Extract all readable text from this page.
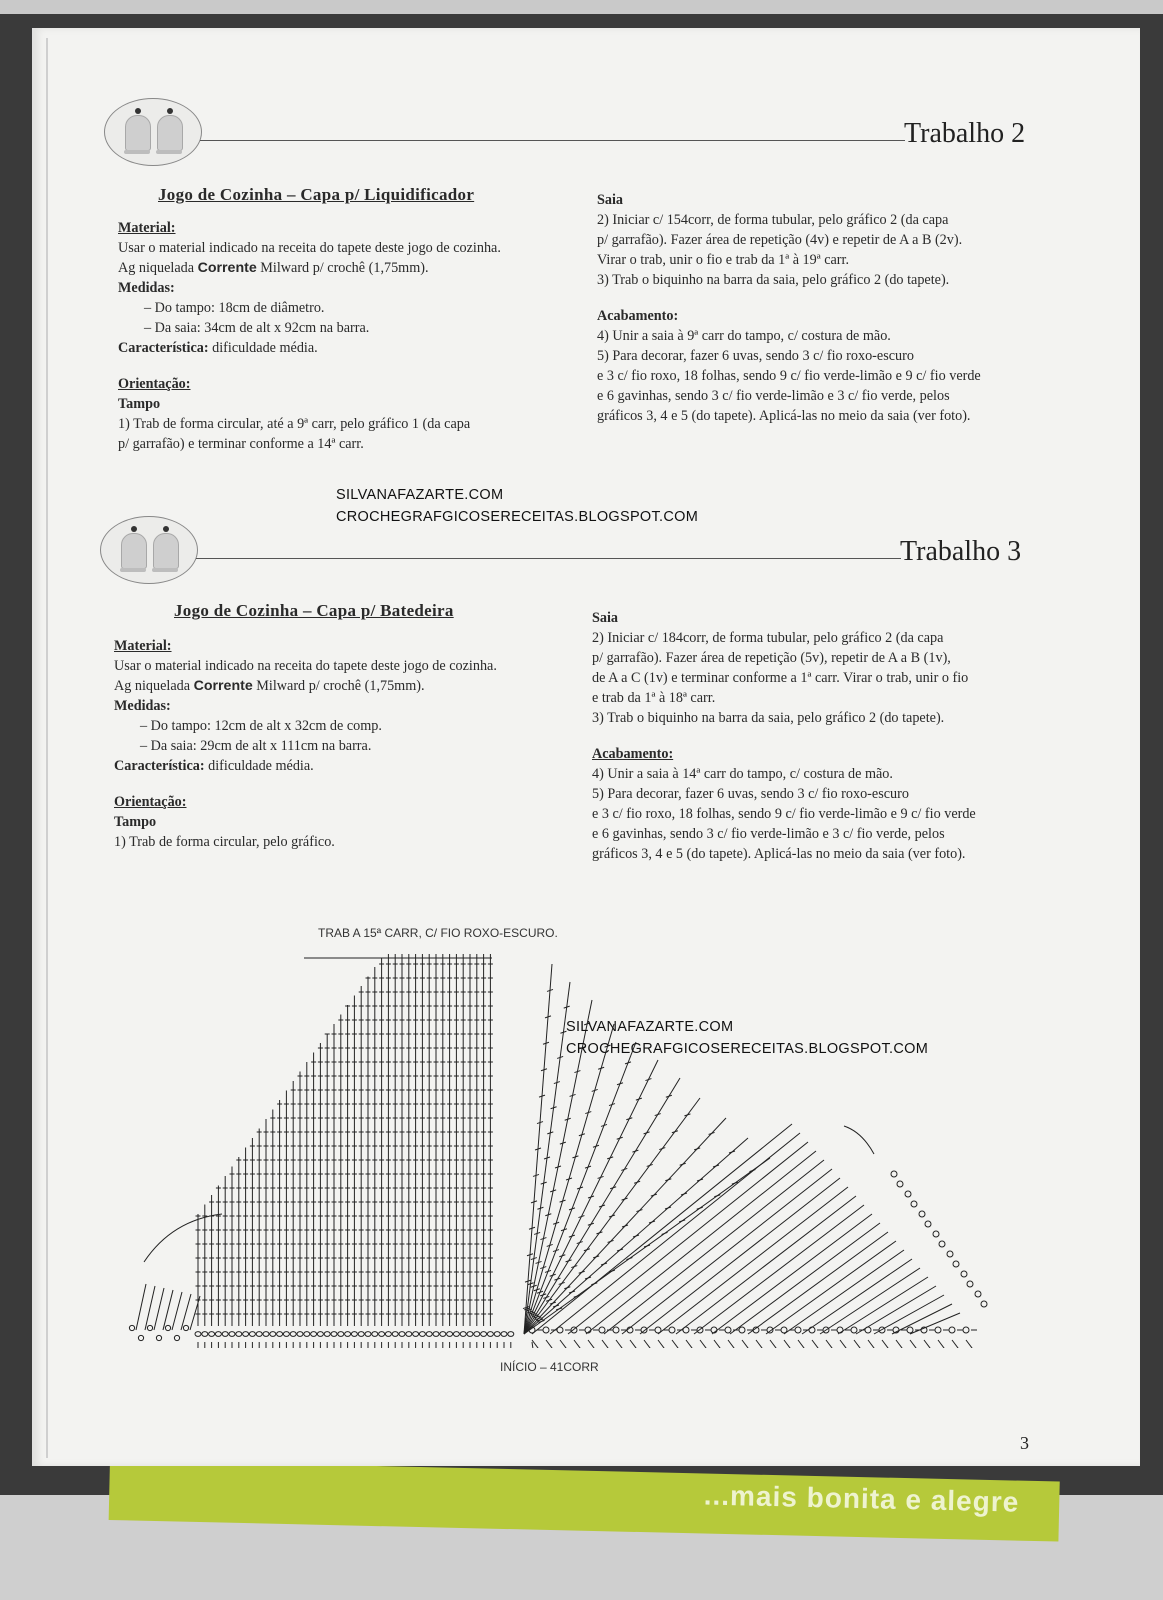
...mais bonita e alegre
Trabalho 2
Jogo de Cozinha – Capa p/ Liquidificador
Material:
Usar o material indicado na receita do tapete deste jogo de cozinha.
Ag niquelada Corrente Milward p/ crochê (1,75mm).
Medidas:
– Do tampo: 18cm de diâmetro.
– Da saia: 34cm de alt x 92cm na barra.
Característica: dificuldade média.
Orientação:
Tampo
1) Trab de forma circular, até a 9ª carr, pelo gráfico 1 (da capa
p/ garrafão) e terminar conforme a 14ª carr.
Saia
2) Iniciar c/ 154corr, de forma tubular, pelo gráfico 2 (da capa
p/ garrafão). Fazer área de repetição (4v) e repetir de A a B (2v).
Virar o trab, unir o fio e trab da 1ª à 19ª carr.
3) Trab o biquinho na barra da saia, pelo gráfico 2 (do tapete).
Acabamento:
4) Unir a saia à 9ª carr do tampo, c/ costura de mão.
5) Para decorar, fazer 6 uvas, sendo 3 c/ fio roxo-escuro
e 3 c/ fio roxo, 18 folhas, sendo 9 c/ fio verde-limão e 9 c/ fio verde
e 6 gavinhas, sendo 3 c/ fio verde-limão e 3 c/ fio verde, pelos
gráficos 3, 4 e 5 (do tapete). Aplicá-las no meio da saia (ver foto).
SILVANAFAZARTE.COM
CROCHEGRAFGICOSERECEITAS.BLOGSPOT.COM
Trabalho 3
Jogo de Cozinha – Capa p/ Batedeira
Material:
Usar o material indicado na receita do tapete deste jogo de cozinha.
Ag niquelada Corrente Milward p/ crochê (1,75mm).
Medidas:
– Do tampo: 12cm de alt x 32cm de comp.
– Da saia: 29cm de alt x 111cm na barra.
Característica: dificuldade média.
Orientação:
Tampo
1) Trab de forma circular, pelo gráfico.
Saia
2) Iniciar c/ 184corr, de forma tubular, pelo gráfico 2 (da capa
p/ garrafão). Fazer área de repetição (5v), repetir de A a B (1v),
de A a C (1v) e terminar conforme a 1ª carr. Virar o trab, unir o fio
e trab da 1ª à 18ª carr.
3) Trab o biquinho na barra da saia, pelo gráfico 2 (do tapete).
Acabamento:
4) Unir a saia à 14ª carr do tampo, c/ costura de mão.
5) Para decorar, fazer 6 uvas, sendo 3 c/ fio roxo-escuro
e 3 c/ fio roxo, 18 folhas, sendo 9 c/ fio verde-limão e 9 c/ fio verde
e 6 gavinhas, sendo 3 c/ fio verde-limão e 3 c/ fio verde, pelos
gráficos 3, 4 e 5 (do tapete). Aplicá-las no meio da saia (ver foto).
TRAB A 15ª CARR, C/ FIO ROXO-ESCURO.
SILVANAFAZARTE.COM
CROCHEGRAFGICOSERECEITAS.BLOGSPOT.COM
INÍCIO – 41CORR
3
